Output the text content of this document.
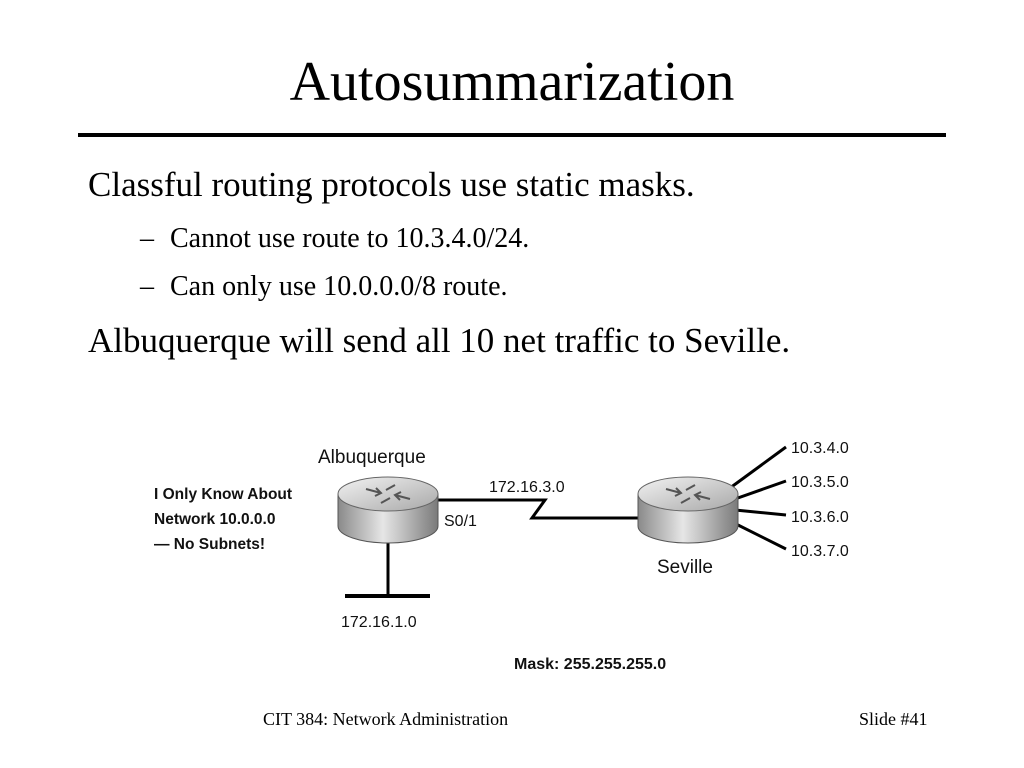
Autosummarization
Classful routing protocols use static masks.
– Cannot use route to 10.3.4.0/24.
– Can only use 10.0.0.0/8 route.
Albuquerque will send all 10 net traffic to Seville.
Albuquerque
Seville
I Only Know About
Network 10.0.0.0
— No Subnets!
172.16.3.0
S0/1
172.16.1.0
10.3.4.0
10.3.5.0
10.3.6.0
10.3.7.0
Mask: 255.255.255.0
CIT 384: Network Administration	Slide #41
